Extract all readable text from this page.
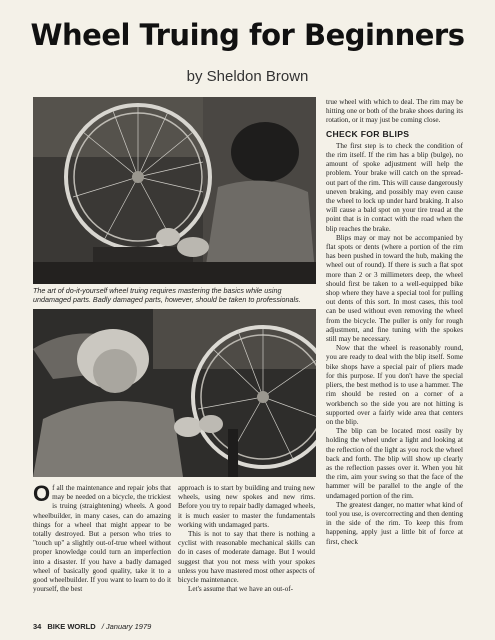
Wheel Truing for Beginners
by Sheldon Brown
The art of do-it-yourself wheel truing requires mastering the basics while using undamaged parts. Badly damaged parts, however, should be taken to professionals.

Of all the maintenance and repair jobs that may be needed on a bicycle, the trickiest is truing (straightening) wheels. A good wheelbuilder, in many cases, can do amazing things for a wheel that might appear to be totally destroyed. But a person who tries to "touch up" a slightly out-of-true wheel without proper knowledge could turn an imperfection into a disaster. If you have a badly damaged wheel of basically good quality, take it to a good wheelbuilder. If you want to learn to do it yourself, the best

approach is to start by building and truing new wheels, using new spokes and new rims. Before you try to repair badly damaged wheels, it is much easier to master the fundamentals working with undamaged parts.

This is not to say that there is nothing a cyclist with reasonable mechanical skills can do in cases of moderate damage. But I would suggest that you not mess with your spokes unless you have mastered most other aspects of bicycle maintenance.

Let's assume that we have an out-of-

true wheel with which to deal. The rim may be hitting one or both of the brake shoes during its rotation, or it may just be coming close.

CHECK FOR BLIPS

The first step is to check the condition of the rim itself. If the rim has a blip (bulge), no amount of spoke adjustment will help the problem. Your brake will catch on the spread-out part of the rim. This will cause dangerously uneven braking, and possibly may even cause the wheel to lock up under hard braking. It also will cause a bald spot on your tire tread at the point that is in contact with the road when the blip reaches the brake.

Blips may or may not be accompanied by flat spots or dents (where a portion of the rim has been pushed in toward the hub, making the wheel out of round). If there is such a flat spot more than 2 or 3 millimeters deep, the wheel should first be taken to a well-equipped bike shop where they have a special tool for pulling out dents of this sort. In most cases, this tool can be used without even removing the wheel from the bicycle. The puller is only for rough adjustment, and fine tuning with the spokes still may be necessary.

Now that the wheel is reasonably round, you are ready to deal with the blip itself. Some bike shops have a special pair of pliers made for this purpose. If you don't have the special pliers, the best method is to use a hammer. The rim should be rested on a corner of a workbench so the side you are not hitting is supported over a fairly wide area that centers on the blip.

The blip can be located most easily by holding the wheel under a light and looking at the reflection of the light as you rock the wheel back and forth. The blip will show up clearly as the reflection passes over it. When you hit the rim, aim your swing so that the face of the hammer will be parallel to the angle of the undamaged portion of the rim.

The greatest danger, no matter what kind of tool you use, is overcorrecting and then denting in the side of the rim. To keep this from happening, apply just a little bit of force at first, check

34 BIKE WORLD / January 1979
